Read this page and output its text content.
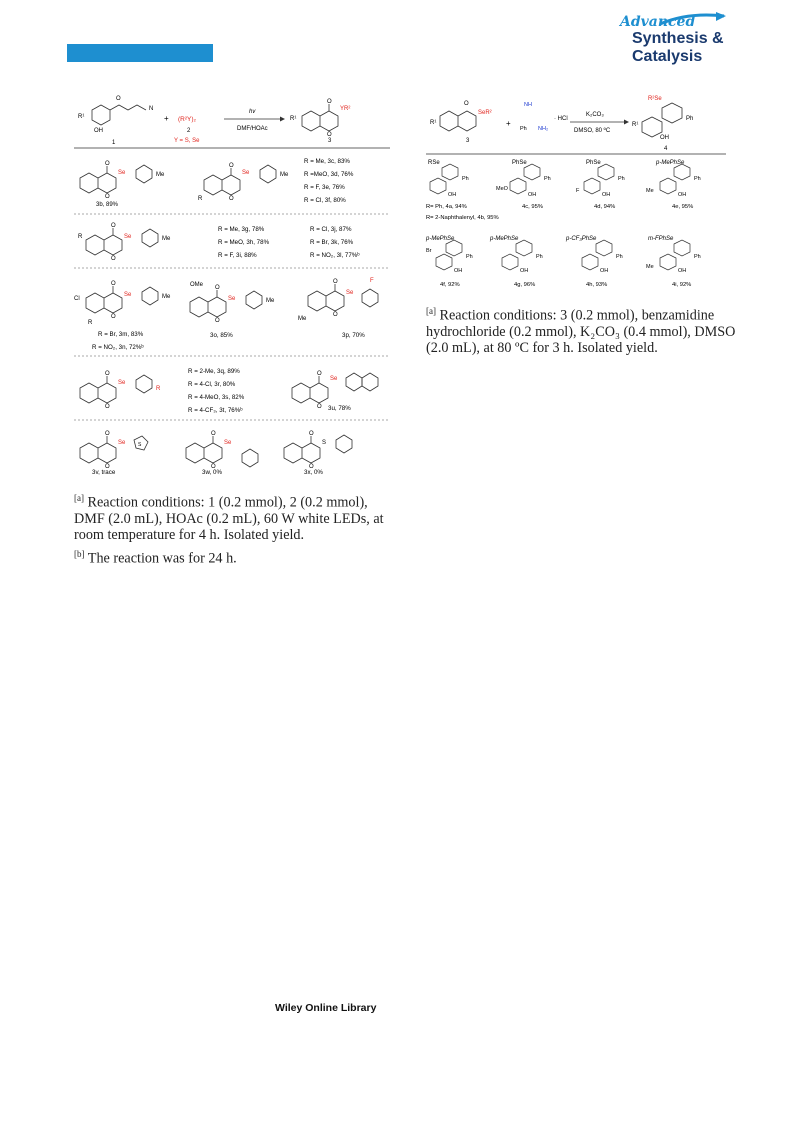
Advanced
Synthesis &
Catalysis
O
O
O
N
R¹
OH
1
+ (R²Y)₂
2
Y = S, Se
hv
DMF/HOAc
R¹
YR²
3
Se	Me
3b, 89%
R
Se	Me
R = Me, 3c, 83%
R =MeO, 3d, 76%
R = F, 3e, 76%
R = Cl, 3f, 80%
R	Se	Me
R = Me, 3g, 78%
R = MeO, 3h, 78%
R = F, 3i, 88%
R = Cl, 3j, 87%
R = Br, 3k, 76%
R = NO₂, 3l, 77%ᵇ
Cl
R
Se	Me
R = Br, 3m, 83%
R = NO₂, 3n, 72%ᵇ
OMe
Se	Me
3o, 85%
Me
Se
F
3p, 70%
Se
R
R = 2-Me, 3q, 89%
R = 4-Cl, 3r, 80%
R = 4-MeO, 3s, 82%
R = 4-CF₃, 3t, 76%ᵇ
Se
3u, 78%
Se	S
3v, trace
Se
3w, 0%
S
3x, 0%
[a] Reaction conditions: 1 (0.2 mmol), 2 (0.2 mmol), DMF (2.0 mL), HOAc (0.2 mL), 60 W white LEDs, at room temperature for 4 h. Isolated yield.
[b] The reaction was for 24 h.
R¹
O
SeR²
3
+
NH
Ph NH₂
· HCl
K₂CO₃
DMSO, 80 ºC
R²Se
Ph
R¹
OH
4
RSe
Ph
OH
R= Ph, 4a, 94%
R= 2-Naphthalenyl, 4b, 95%
PhSe
Ph
MeO
OH
4c, 95%
PhSe
Ph
F
OH
4d, 94%
p-MePhSe
Ph
Me
OH
4e, 95%
p-MePhSe
Br
Ph
OH
4f, 92%
p-MePhSe
Ph
OH
4g, 96%
p-CF₃PhSe
Ph
OH
4h, 93%
m-FPhSe
Ph
Me
OH
4i, 92%
[a] Reaction conditions: 3 (0.2 mmol), benzamidine hydrochloride (0.2 mmol), K₂CO₃ (0.4 mmol), DMSO (2.0 mL), at 80 ºC for 3 h. Isolated yield.
Wiley Online Library
